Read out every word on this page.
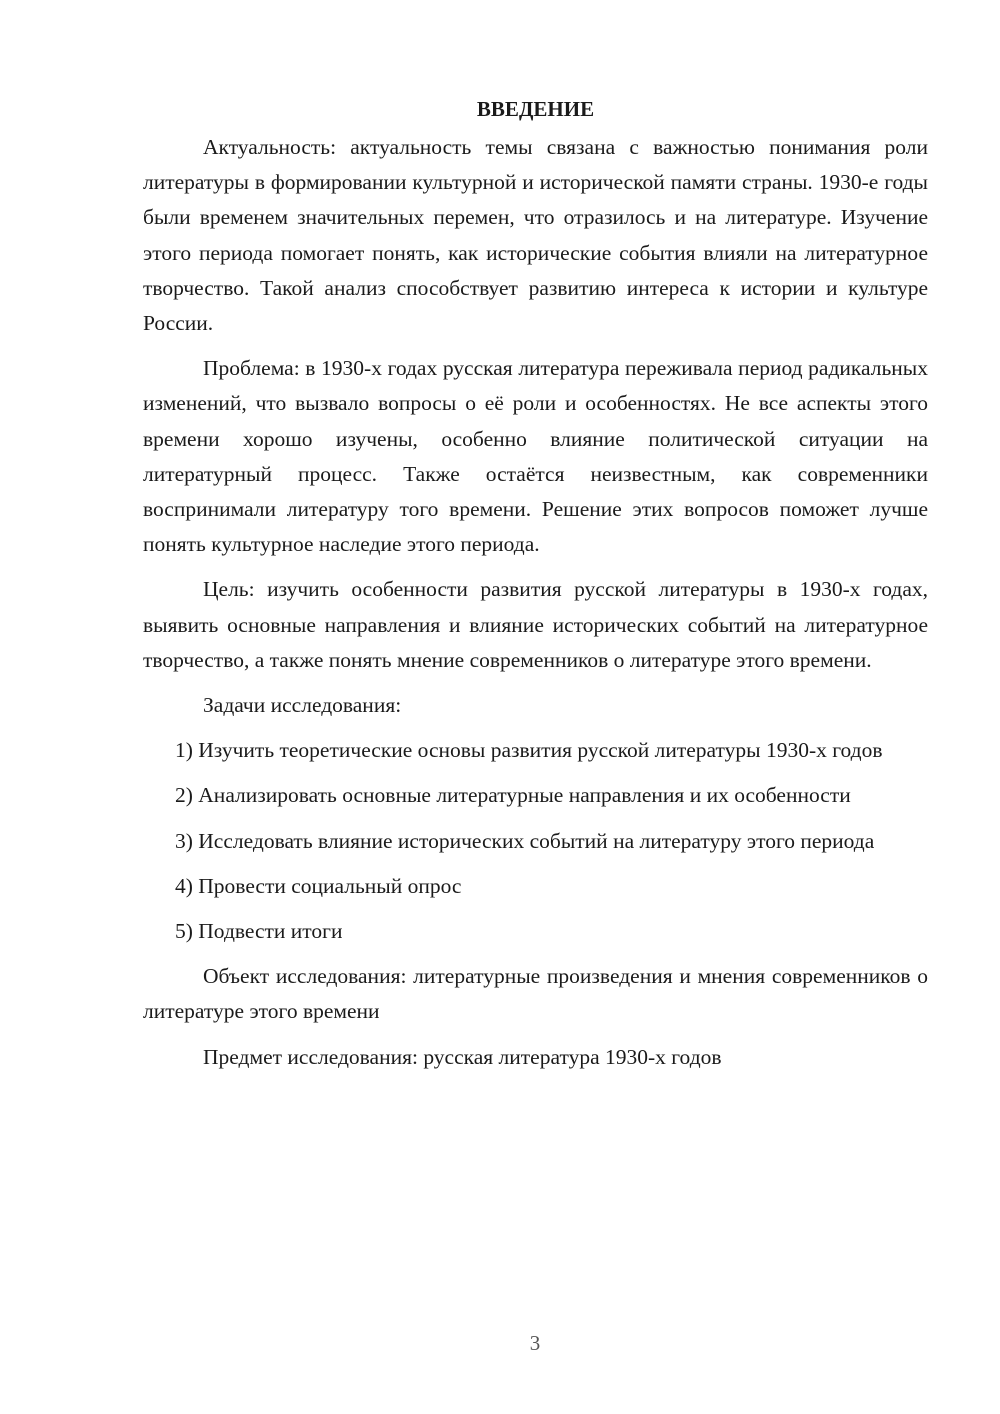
ВВЕДЕНИЕ

Актуальность: актуальность темы связана с важностью понимания роли литературы в формировании культурной и исторической памяти страны. 1930-е годы были временем значительных перемен, что отразилось и на литературе. Изучение этого периода помогает понять, как исторические события влияли на литературное творчество. Такой анализ способствует развитию интереса к истории и культуре России.

Проблема: в 1930-х годах русская литература переживала период радикальных изменений, что вызвало вопросы о её роли и особенностях. Не все аспекты этого времени хорошо изучены, особенно влияние политической ситуации на литературный процесс. Также остаётся неизвестным, как современники воспринимали литературу того времени. Решение этих вопросов поможет лучше понять культурное наследие этого периода.

Цель: изучить особенности развития русской литературы в 1930-х годах, выявить основные направления и влияние исторических событий на литературное творчество, а также понять мнение современников о литературе этого времени.

Задачи исследования:

1) Изучить теоретические основы развития русской литературы 1930-х годов

2) Анализировать основные литературные направления и их особенности

3) Исследовать влияние исторических событий на литературу этого периода

4) Провести социальный опрос

5) Подвести итоги

Объект исследования: литературные произведения и мнения современников о литературе этого времени

Предмет исследования: русская литература 1930-х годов

3
